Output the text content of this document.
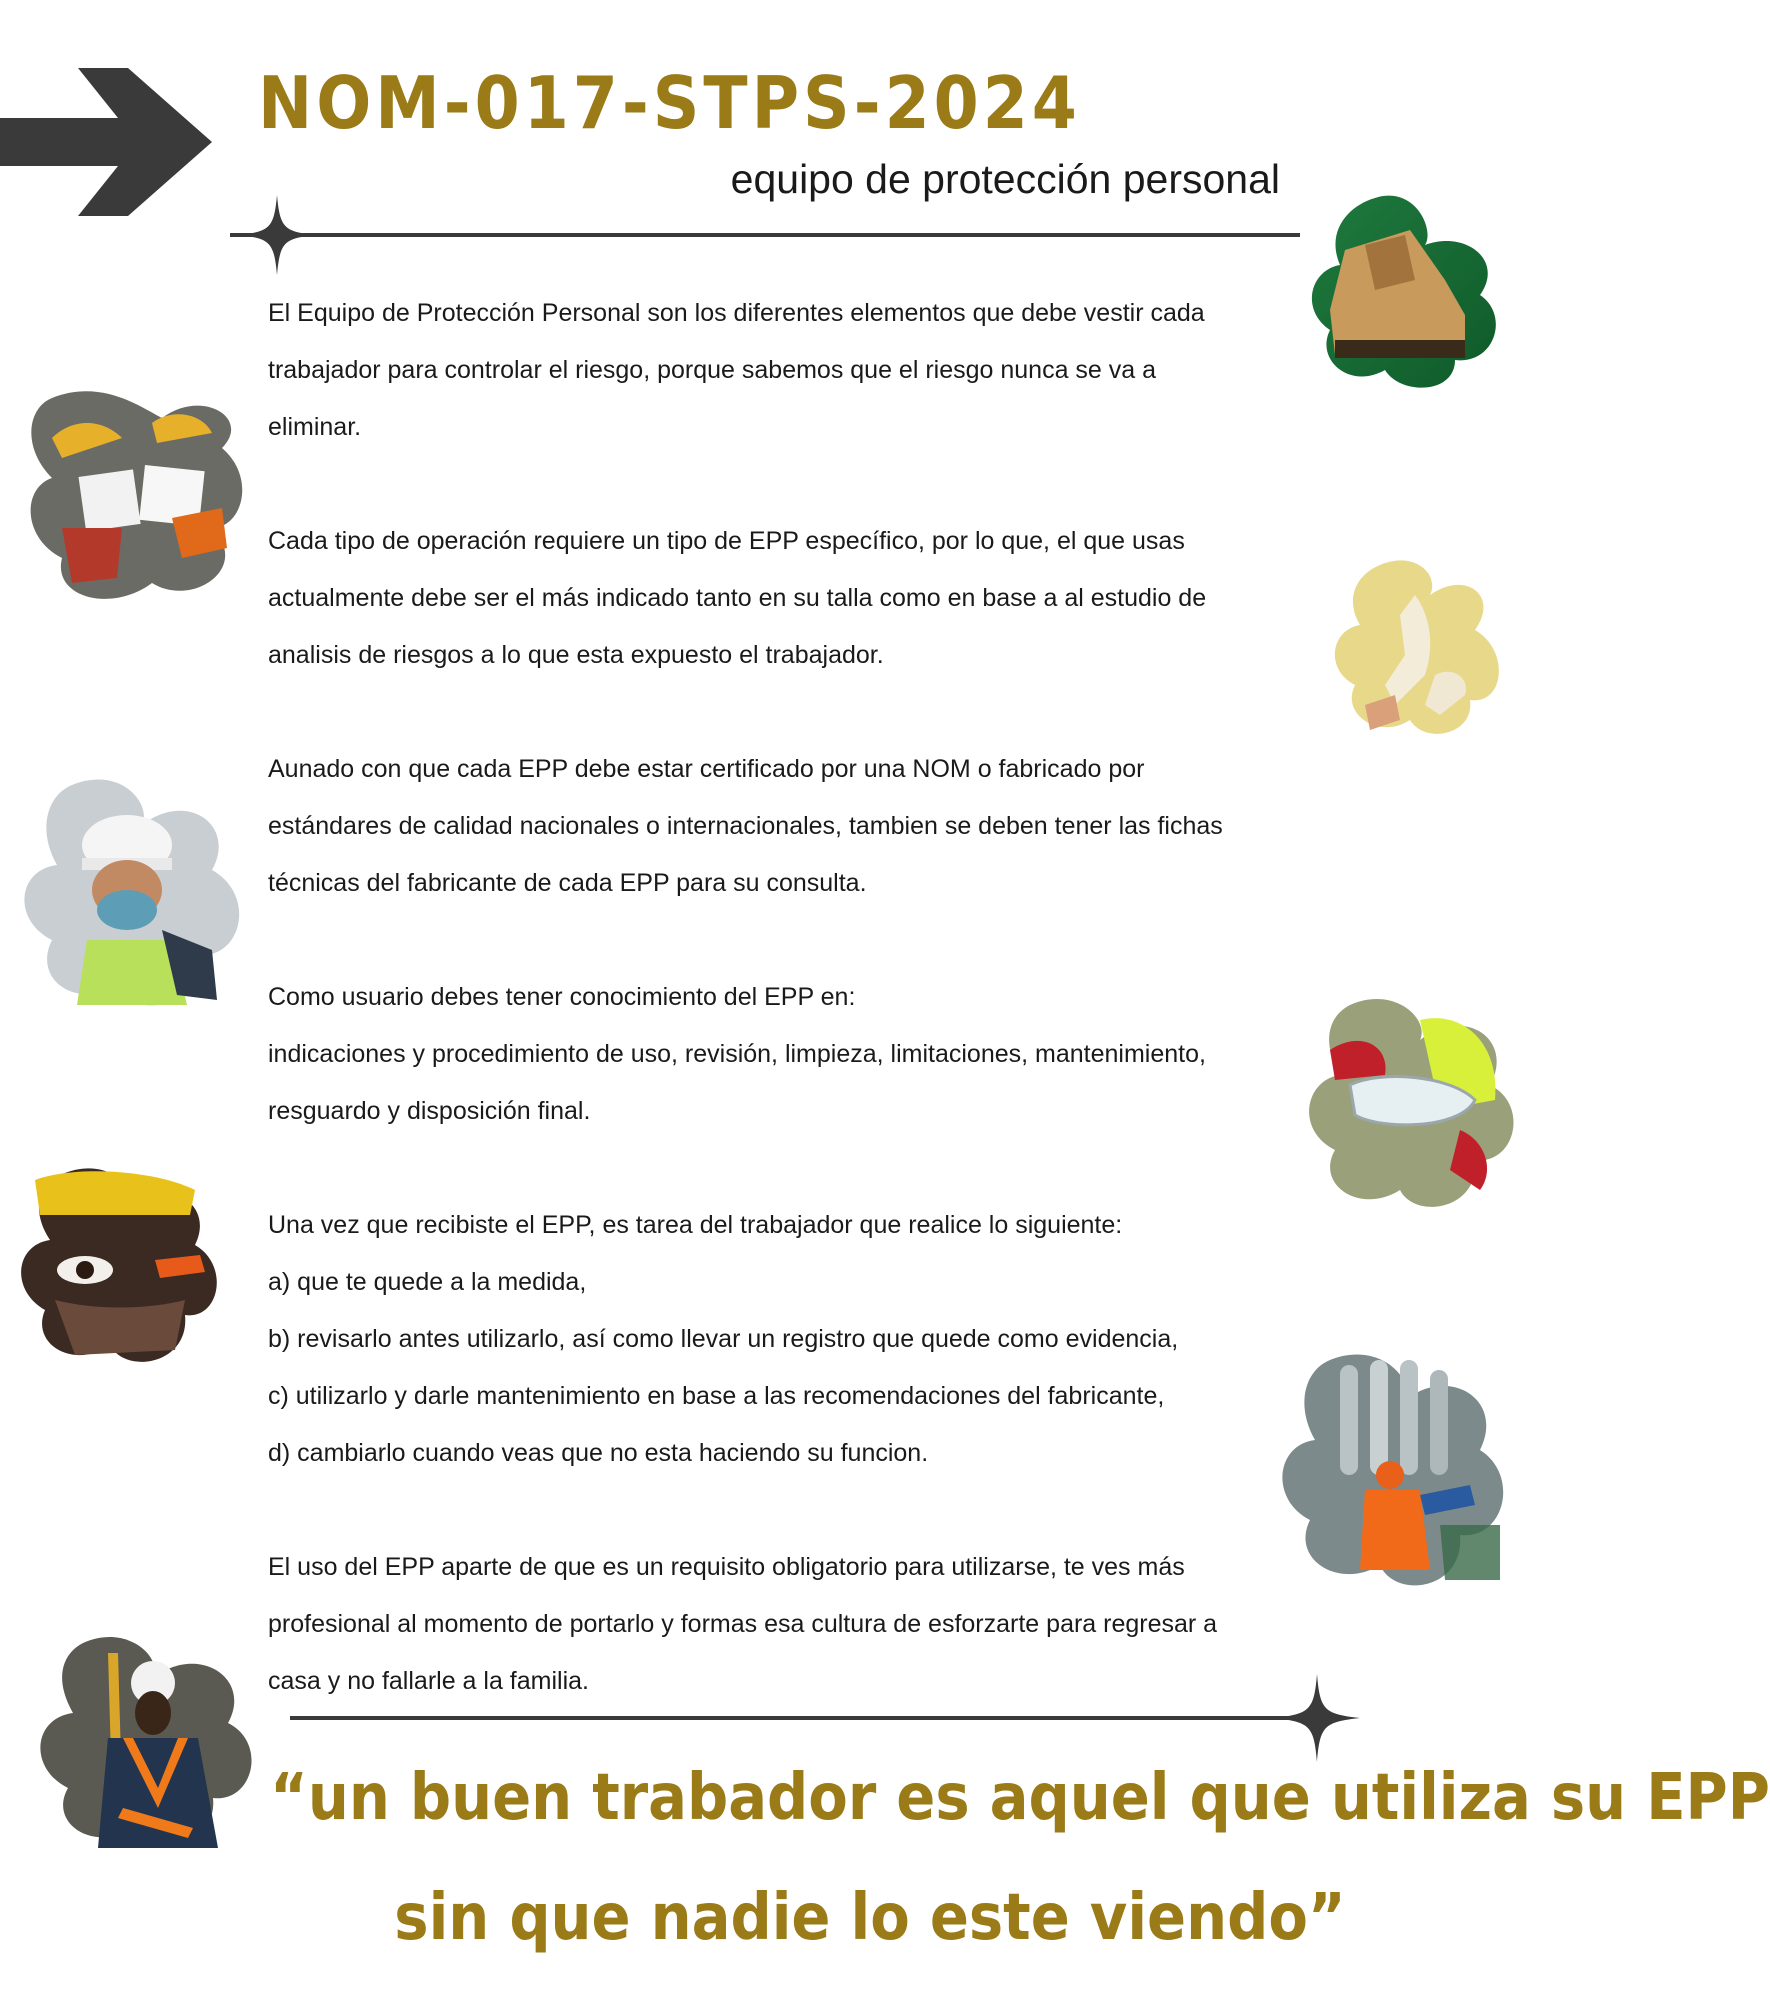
NOM-017-STPS-2024
equipo de protección personal

El Equipo de Protección Personal son los diferentes elementos que debe vestir cada
trabajador para controlar el riesgo, porque sabemos que el riesgo nunca se va a
eliminar.

Cada tipo de operación requiere un tipo de EPP específico, por lo que, el que usas
actualmente debe ser el más indicado tanto en su talla como en base a al estudio de
analisis de riesgos a lo que esta expuesto el trabajador.

Aunado con que cada EPP debe estar certificado por una NOM o fabricado por
estándares de calidad nacionales o internacionales, tambien se deben tener las fichas
técnicas del fabricante de cada EPP para su consulta.

Como usuario debes tener conocimiento del EPP en:
indicaciones y procedimiento de uso, revisión, limpieza, limitaciones, mantenimiento,
resguardo y disposición final.

Una vez que recibiste el EPP, es tarea del trabajador que realice lo siguiente:
a) que te quede a la medida,
b) revisarlo antes utilizarlo, así como llevar un registro que quede como evidencia,
c) utilizarlo y darle mantenimiento en base a las recomendaciones del fabricante,
d) cambiarlo cuando veas que no esta haciendo su funcion.

El uso del EPP aparte de que es un requisito obligatorio para utilizarse, te ves más
profesional al momento de portarlo y formas esa cultura de esforzarte para regresar a
casa y no fallarle a la familia.

“un buen trabador es aquel que utiliza su EPP
sin que nadie lo este viendo”
